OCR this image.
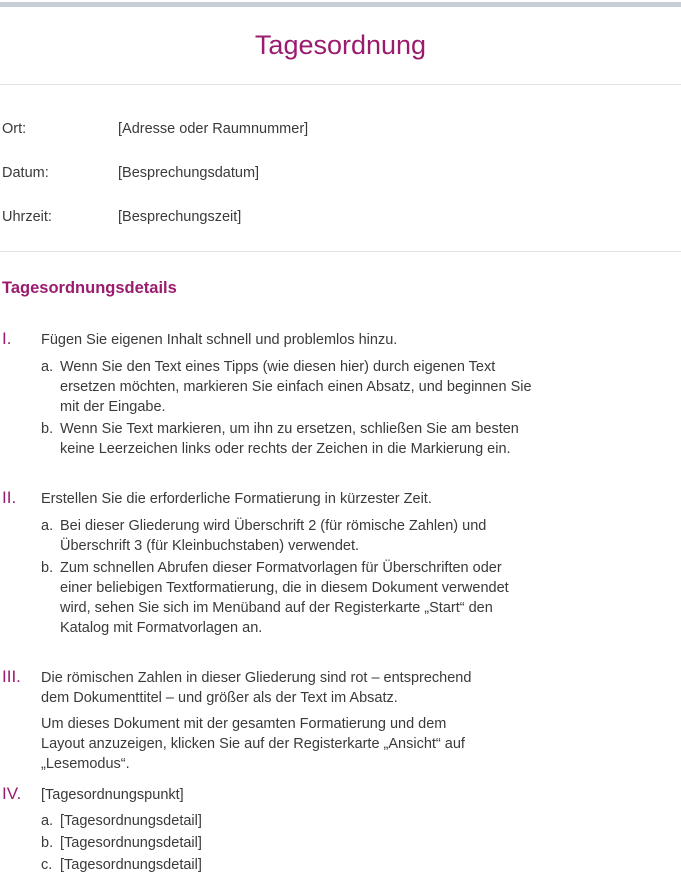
Tagesordnung
Ort:	[Adresse oder Raumnummer]
Datum:	[Besprechungsdatum]
Uhrzeit:	[Besprechungszeit]
Tagesordnungsdetails
I. Fügen Sie eigenen Inhalt schnell und problemlos hinzu.
a. Wenn Sie den Text eines Tipps (wie diesen hier) durch eigenen Text ersetzen möchten, markieren Sie einfach einen Absatz, und beginnen Sie mit der Eingabe.
b. Wenn Sie Text markieren, um ihn zu ersetzen, schließen Sie am besten keine Leerzeichen links oder rechts der Zeichen in die Markierung ein.
II. Erstellen Sie die erforderliche Formatierung in kürzester Zeit.
a. Bei dieser Gliederung wird Überschrift 2 (für römische Zahlen) und Überschrift 3 (für Kleinbuchstaben) verwendet.
b. Zum schnellen Abrufen dieser Formatvorlagen für Überschriften oder einer beliebigen Textformatierung, die in diesem Dokument verwendet wird, sehen Sie sich im Menüband auf der Registerkarte „Start“ den Katalog mit Formatvorlagen an.
III. Die römischen Zahlen in dieser Gliederung sind rot – entsprechend dem Dokumenttitel – und größer als der Text im Absatz.
Um dieses Dokument mit der gesamten Formatierung und dem Layout anzuzeigen, klicken Sie auf der Registerkarte „Ansicht“ auf „Lesemodus“.
IV. [Tagesordnungspunkt]
a. [Tagesordnungsdetail]
b. [Tagesordnungsdetail]
c. [Tagesordnungsdetail]
